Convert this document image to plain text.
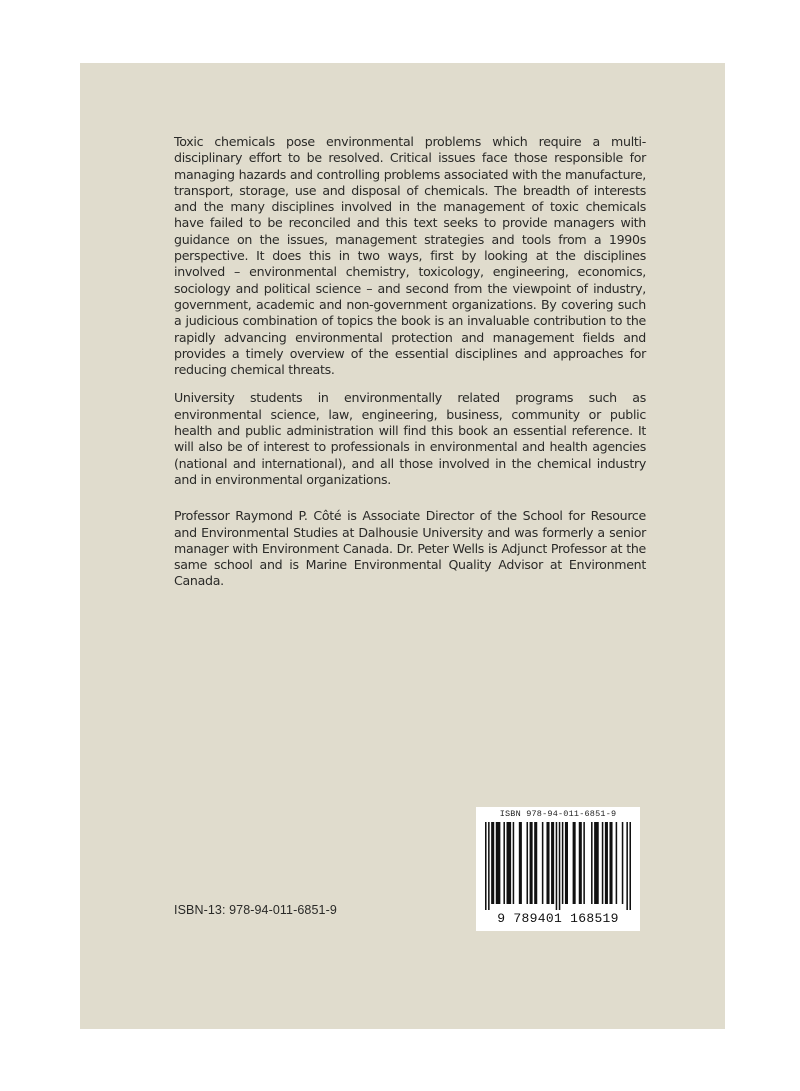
Toxic chemicals pose environmental problems which require a multi-disciplinary effort to be resolved. Critical issues face those responsible for managing hazards and controlling problems associated with the manufacture, transport, storage, use and disposal of chemicals. The breadth of interests and the many disciplines involved in the management of toxic chemicals have failed to be reconciled and this text seeks to provide managers with guidance on the issues, management strategies and tools from a 1990s perspective. It does this in two ways, first by looking at the disciplines involved – environmental chemistry, toxicology, engineering, economics, sociology and political science – and second from the viewpoint of industry, government, academic and non-government organizations. By covering such a judicious combination of topics the book is an invaluable contribution to the rapidly advancing environmental protection and management fields and provides a timely overview of the essential disciplines and approaches for reducing chemical threats.

University students in environmentally related programs such as environmental science, law, engineering, business, community or public health and public administration will find this book an essential reference. It will also be of interest to professionals in environmental and health agencies (national and international), and all those involved in the chemical industry and in environmental organizations.

Professor Raymond P. Côté is Associate Director of the School for Resource and Environmental Studies at Dalhousie University and was formerly a senior manager with Environment Canada. Dr. Peter Wells is Adjunct Professor at the same school and is Marine Environmental Quality Advisor at Environment Canada.

ISBN-13: 978-94-011-6851-9
ISBN 978-94-011-6851-9
9 789401 168519
